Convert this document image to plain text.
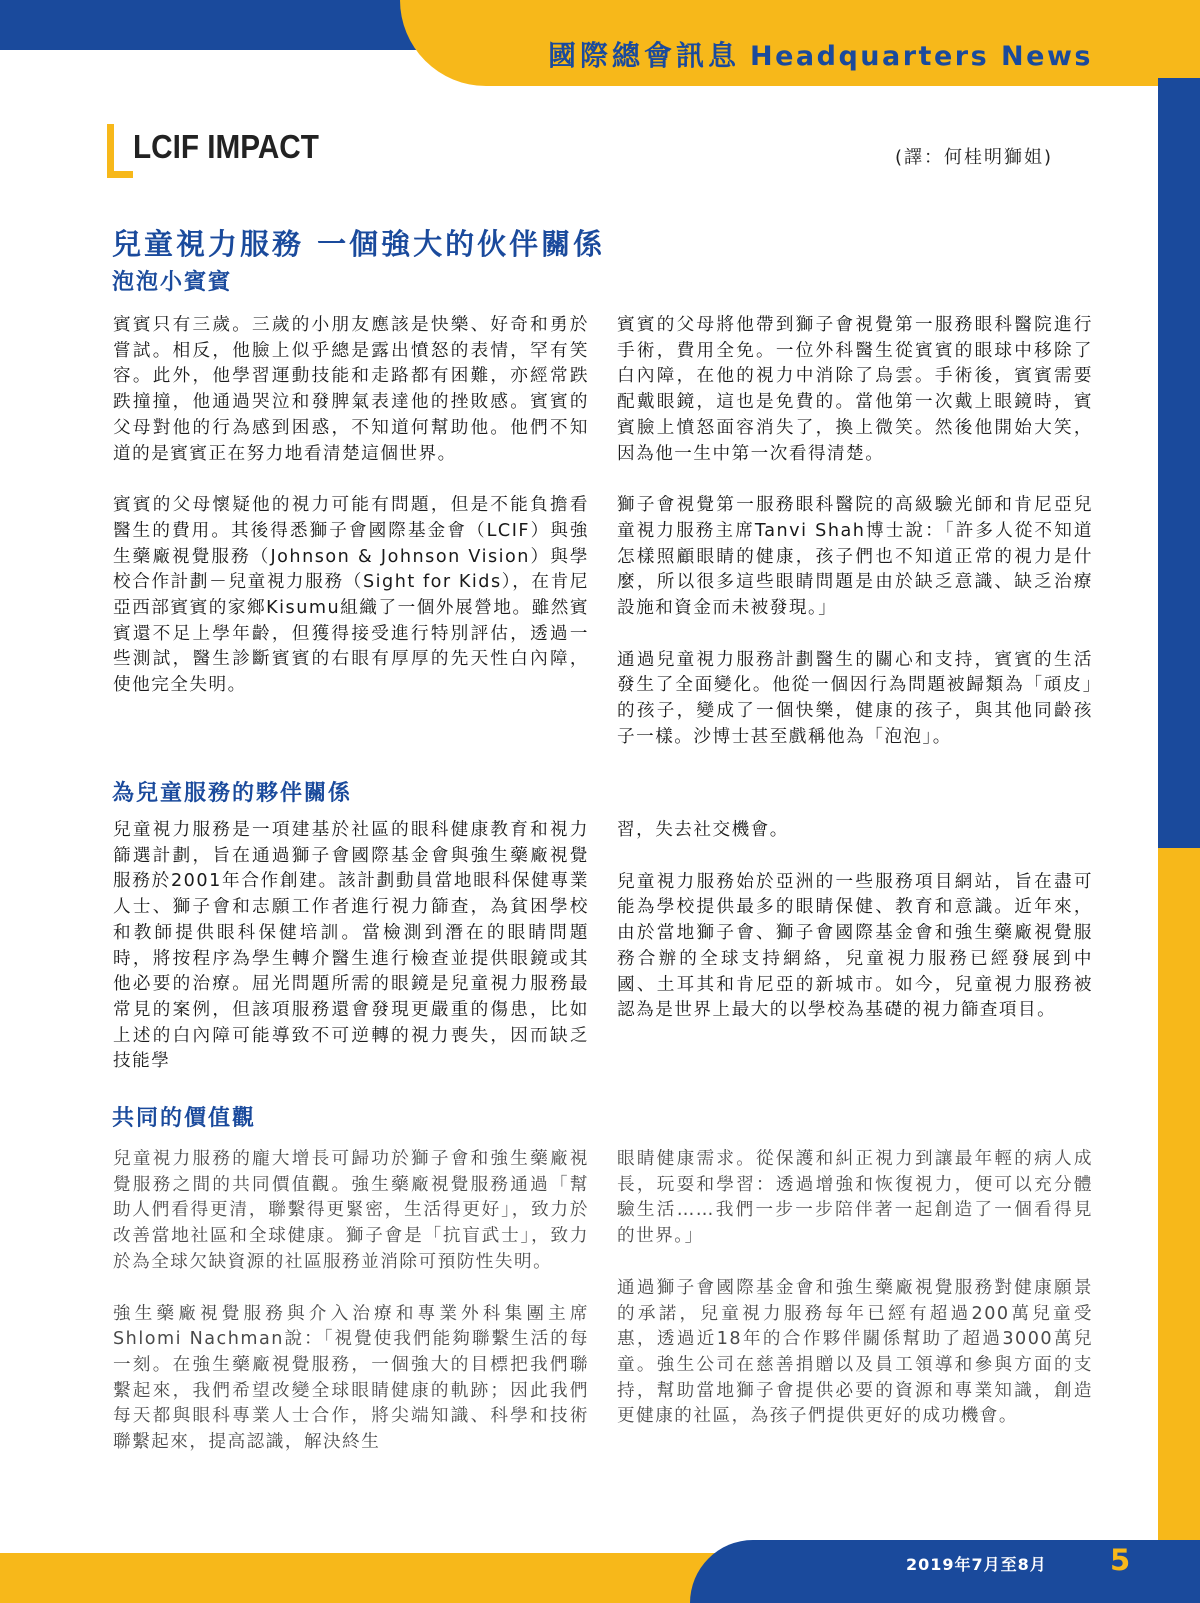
國際總會訊息 Headquarters News
LCIF IMPACT	(譯：何桂明獅姐)
兒童視力服務 一個強大的伙伴關係
泡泡小賓賓

賓賓只有三歲。三歲的小朋友應該是快樂、好奇和勇於嘗試。相反，他臉上似乎總是露出憤怒的表情，罕有笑容。此外，他學習運動技能和走路都有困難，亦經常跌跌撞撞，他通過哭泣和發脾氣表達他的挫敗感。賓賓的父母對他的行為感到困惑，不知道何幫助他。他們不知道的是賓賓正在努力地看清楚這個世界。

賓賓的父母懷疑他的視力可能有問題，但是不能負擔看醫生的費用。其後得悉獅子會國際基金會（LCIF）與強生藥廠視覺服務（Johnson & Johnson Vision）與學校合作計劃－兒童視力服務（Sight for Kids），在肯尼亞西部賓賓的家鄉Kisumu組織了一個外展營地。雖然賓賓還不足上學年齡，但獲得接受進行特別評估，透過一些測試，醫生診斷賓賓的右眼有厚厚的先天性白內障，使他完全失明。

賓賓的父母將他帶到獅子會視覺第一服務眼科醫院進行手術，費用全免。一位外科醫生從賓賓的眼球中移除了白內障，在他的視力中消除了烏雲。手術後，賓賓需要配戴眼鏡，這也是免費的。當他第一次戴上眼鏡時，賓賓臉上憤怒面容消失了，換上微笑。然後他開始大笑，因為他一生中第一次看得清楚。

獅子會視覺第一服務眼科醫院的高級驗光師和肯尼亞兒童視力服務主席Tanvi Shah博士說：「許多人從不知道怎樣照顧眼睛的健康，孩子們也不知道正常的視力是什麼，所以很多這些眼睛問題是由於缺乏意識、缺乏治療設施和資金而未被發現。」

通過兒童視力服務計劃醫生的關心和支持，賓賓的生活發生了全面變化。他從一個因行為問題被歸類為「頑皮」的孩子，變成了一個快樂，健康的孩子，與其他同齡孩子一樣。沙博士甚至戲稱他為「泡泡」。

為兒童服務的夥伴關係

兒童視力服務是一項建基於社區的眼科健康教育和視力篩選計劃，旨在通過獅子會國際基金會與強生藥廠視覺服務於2001年合作創建。該計劃動員當地眼科保健專業人士、獅子會和志願工作者進行視力篩查，為貧困學校和教師提供眼科保健培訓。當檢測到潛在的眼睛問題時，將按程序為學生轉介醫生進行檢查並提供眼鏡或其他必要的治療。屈光問題所需的眼鏡是兒童視力服務最常見的案例，但該項服務還會發現更嚴重的傷患，比如上述的白內障可能導致不可逆轉的視力喪失，因而缺乏技能學

習，失去社交機會。

兒童視力服務始於亞洲的一些服務項目網站，旨在盡可能為學校提供最多的眼睛保健、教育和意識。近年來，由於當地獅子會、獅子會國際基金會和強生藥廠視覺服務合辦的全球支持網絡，兒童視力服務已經發展到中國、土耳其和肯尼亞的新城市。如今，兒童視力服務被認為是世界上最大的以學校為基礎的視力篩查項目。

共同的價值觀

兒童視力服務的龐大增長可歸功於獅子會和強生藥廠視覺服務之間的共同價值觀。強生藥廠視覺服務通過「幫助人們看得更清，聯繫得更緊密，生活得更好」，致力於改善當地社區和全球健康。獅子會是「抗盲武士」，致力於為全球欠缺資源的社區服務並消除可預防性失明。

強生藥廠視覺服務與介入治療和專業外科集團主席Shlomi Nachman說：「視覺使我們能夠聯繫生活的每一刻。在強生藥廠視覺服務，一個強大的目標把我們聯繫起來，我們希望改變全球眼睛健康的軌跡；因此我們每天都與眼科專業人士合作，將尖端知識、科學和技術聯繫起來，提高認識，解決終生

眼睛健康需求。從保護和糾正視力到讓最年輕的病人成長，玩耍和學習：透過增強和恢復視力，便可以充分體驗生活……我們一步一步陪伴著一起創造了一個看得見的世界。」

通過獅子會國際基金會和強生藥廠視覺服務對健康願景的承諾，兒童視力服務每年已經有超過200萬兒童受惠，透過近18年的合作夥伴關係幫助了超過3000萬兒童。強生公司在慈善捐贈以及員工領導和參與方面的支持，幫助當地獅子會提供必要的資源和專業知識，創造更健康的社區，為孩子們提供更好的成功機會。

2019年7月至8月 5
